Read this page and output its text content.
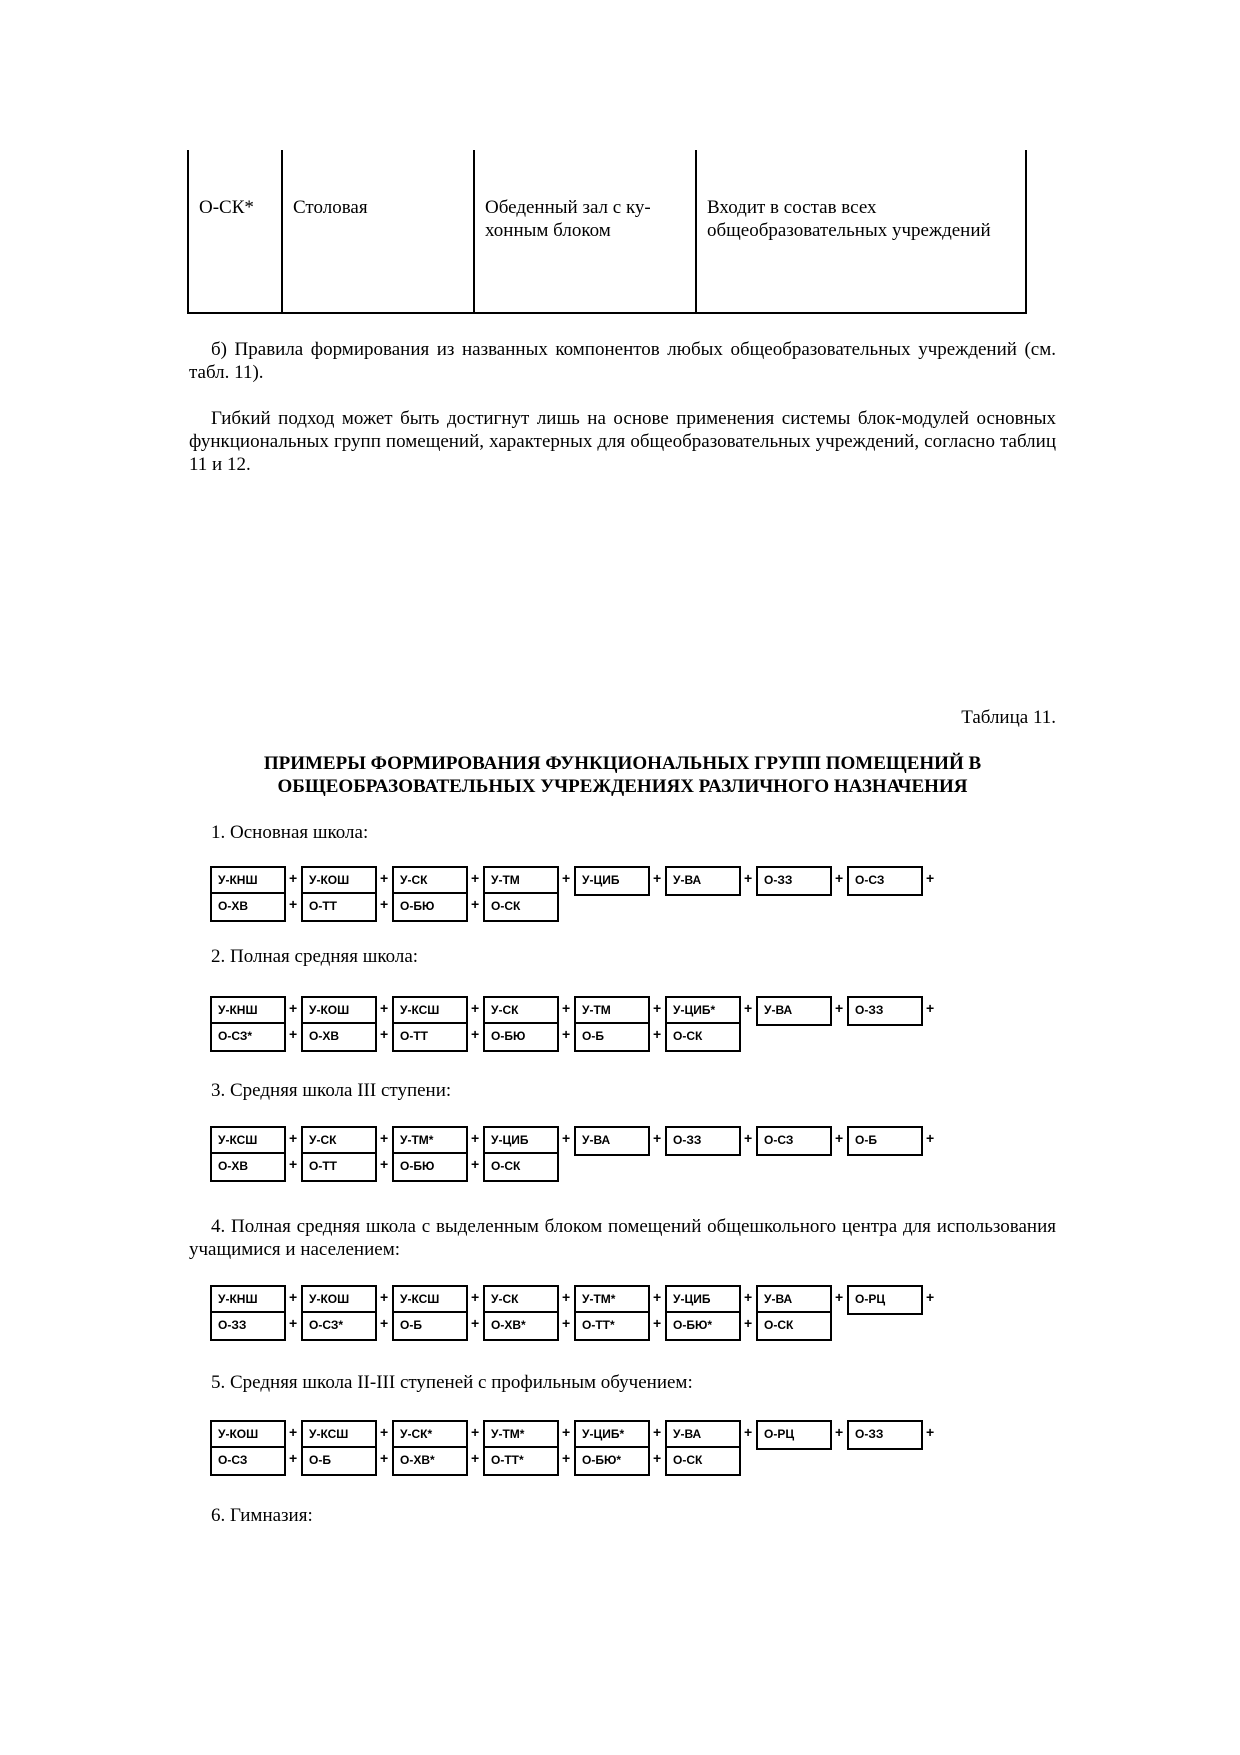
О-СК*	Столовая	Обеденный зал с ку-хонным блоком	Входит в состав всех общеобразовательных учреждений

б) Правила формирования из названных компонентов любых общеобразовательных учреждений (см. табл. 11).

Гибкий подход может быть достигнут лишь на основе применения системы блок-модулей основных функциональных групп помещений, характерных для общеобразовательных учреждений, согласно таблиц 11 и 12.

Таблица 11.

ПРИМЕРЫ ФОРМИРОВАНИЯ ФУНКЦИОНАЛЬНЫХ ГРУПП ПОМЕЩЕНИЙ В ОБЩЕОБРАЗОВАТЕЛЬНЫХ УЧРЕЖДЕНИЯХ РАЗЛИЧНОГО НАЗНАЧЕНИЯ

1. Основная школа:

У-КНШ
О-ХВ
+
+
У-КОШ
О-ТТ
+
+
У-СК
О-БЮ
+
+
У-ТМ
О-СК
+ У-ЦИБ	+ У-ВА	+ О-ЗЗ	+ О-СЗ	+

2. Полная средняя школа:

У-КНШ
О-СЗ*
+
+
У-КОШ
О-ХВ
+
+
У-КСШ
О-ТТ
+
+
У-СК
О-БЮ
+
+
У-ТМ
О-Б
+
+
У-ЦИБ*
О-СК
+ У-ВА	+ О-ЗЗ	+

3. Средняя школа III ступени:

У-КСШ
О-ХВ
+
+
У-СК
О-ТТ
+
+
У-ТМ*
О-БЮ
+
+
У-ЦИБ
О-СК
+ У-ВА	+ О-ЗЗ	+ О-СЗ	+ О-Б	+

4. Полная средняя школа с выделенным блоком помещений общешкольного центра для использования учащимися и населением:

У-КНШ
О-ЗЗ
+
+
У-КОШ
О-СЗ*
+
+
У-КСШ
О-Б
+
+
У-СК
О-ХВ*
+
+
У-ТМ*
О-ТТ*
+
+
У-ЦИБ
О-БЮ*
+
+
У-ВА
О-СК
+ О-РЦ	+

5. Средняя школа II-III ступеней с профильным обучением:

У-КОШ
О-СЗ
+
+
У-КСШ
О-Б
+
+
У-СК*
О-ХВ*
+
+
У-ТМ*
О-ТТ*
+
+
У-ЦИБ*
О-БЮ*
+
+
У-ВА
О-СК
+ О-РЦ	+ О-ЗЗ	+

6. Гимназия:
